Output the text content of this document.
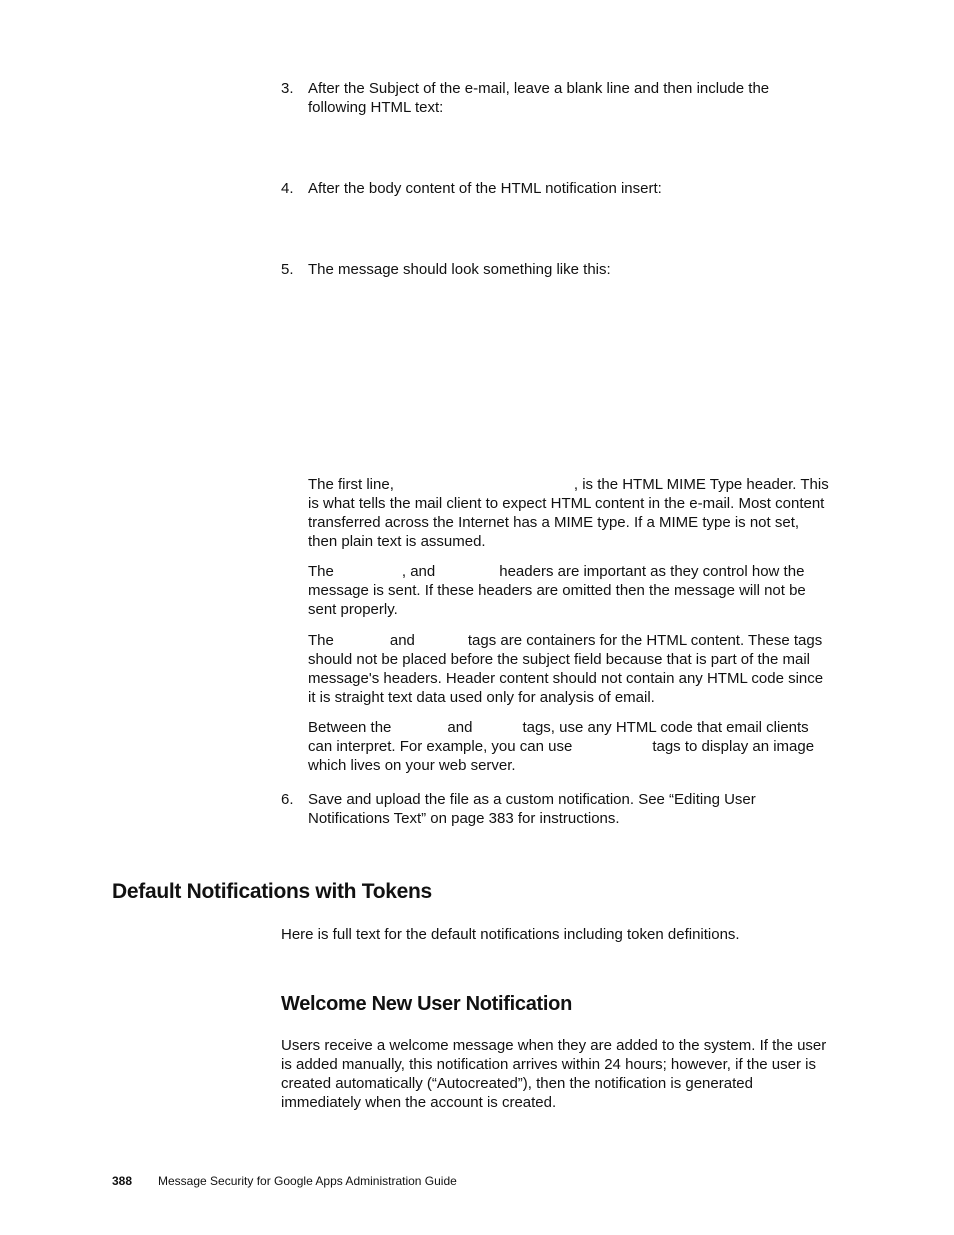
3. After the Subject of the e-mail, leave a blank line and then include the
following HTML text:
4. After the body content of the HTML notification insert:
5. The message should look something like this:
The first line,	, is the HTML MIME Type header. This
is what tells the mail client to expect HTML content in the e-mail. Most content
transferred across the Internet has a MIME type. If a MIME type is not set,
then plain text is assumed.
The	, and	headers are important as they control how the
message is sent. If these headers are omitted then the message will not be
sent properly.
The	and	tags are containers for the HTML content. These tags
should not be placed before the subject field because that is part of the mail
message's headers. Header content should not contain any HTML code since
it is straight text data used only for analysis of email.
Between the	and	tags, use any HTML code that email clients
can interpret. For example, you can use	tags to display an image
which lives on your web server.
6. Save and upload the file as a custom notification. See “Editing User
Notifications Text” on page 383 for instructions.
Default Notifications with Tokens
Here is full text for the default notifications including token definitions.
Welcome New User Notification
Users receive a welcome message when they are added to the system. If the user
is added manually, this notification arrives within 24 hours; however, if the user is
created automatically (“Autocreated”), then the notification is generated
immediately when the account is created.
388 Message Security for Google Apps Administration Guide
